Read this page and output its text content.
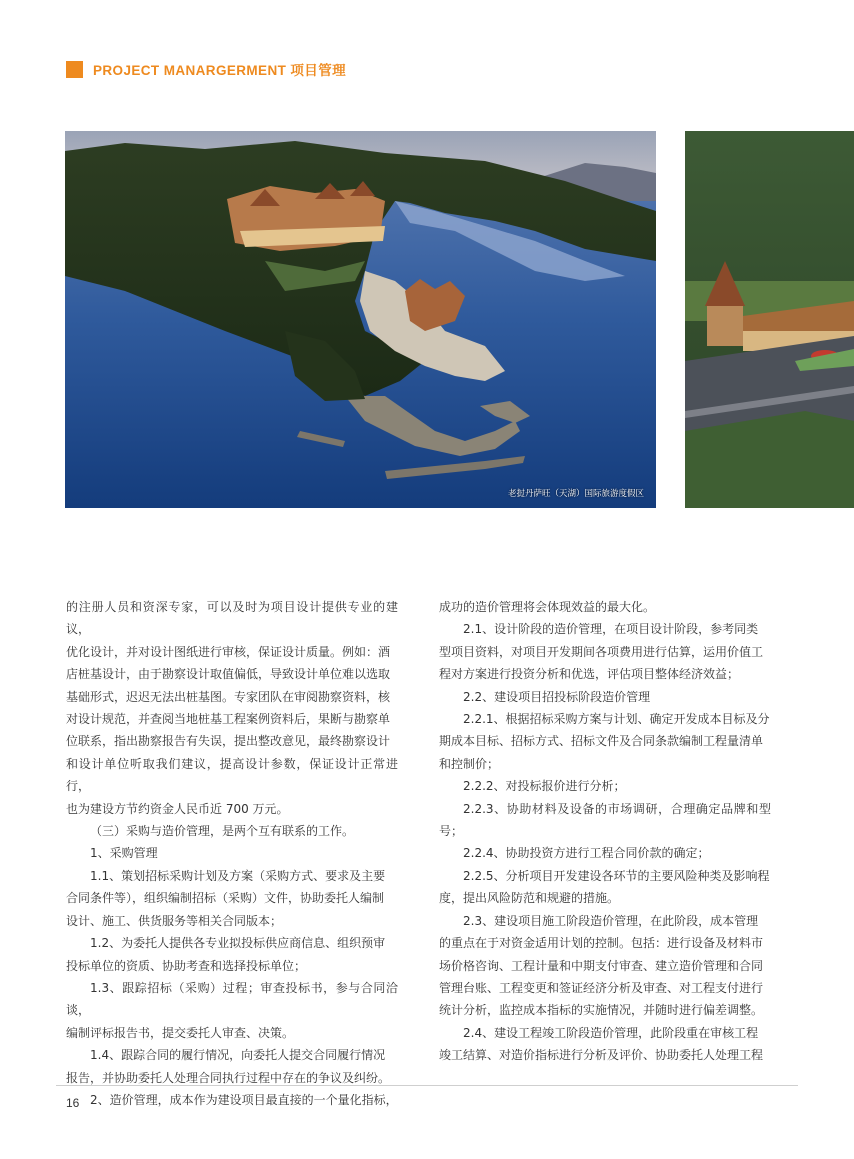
PROJECT MANARGERMENT 项目管理
老挝丹萨旺（天湖）国际旅游度假区

的注册人员和资深专家，可以及时为项目设计提供专业的建议，

优化设计，并对设计图纸进行审核，保证设计质量。例如：酒

店桩基设计，由于勘察设计取值偏低，导致设计单位难以选取

基础形式，迟迟无法出桩基图。专家团队在审阅勘察资料，核

对设计规范，并查阅当地桩基工程案例资料后，果断与勘察单

位联系，指出勘察报告有失误，提出整改意见，最终勘察设计

和设计单位听取我们建议，提高设计参数，保证设计正常进行，

也为建设方节约资金人民币近 700 万元。

（三）采购与造价管理，是两个互有联系的工作。

1、采购管理

1.1、策划招标采购计划及方案（采购方式、要求及主要

合同条件等），组织编制招标（采购）文件，协助委托人编制

设计、施工、供货服务等相关合同版本；

1.2、为委托人提供各专业拟投标供应商信息、组织预审

投标单位的资质、协助考查和选择投标单位；

1.3、跟踪招标（采购）过程；审查投标书，参与合同洽谈，

编制评标报告书，提交委托人审查、决策。

1.4、跟踪合同的履行情况，向委托人提交合同履行情况

报告，并协助委托人处理合同执行过程中存在的争议及纠纷。

2、造价管理，成本作为建设项目最直接的一个量化指标，

成功的造价管理将会体现效益的最大化。

2.1、设计阶段的造价管理，在项目设计阶段，参考同类

型项目资料，对项目开发期间各项费用进行估算，运用价值工

程对方案进行投资分析和优选，评估项目整体经济效益；

2.2、建设项目招投标阶段造价管理

2.2.1、根据招标采购方案与计划、确定开发成本目标及分

期成本目标、招标方式、招标文件及合同条款编制工程量清单

和控制价；

2.2.2、对投标报价进行分析；

2.2.3、协助材料及设备的市场调研，合理确定品牌和型号；

2.2.4、协助投资方进行工程合同价款的确定；

2.2.5、分析项目开发建设各环节的主要风险种类及影响程

度，提出风险防范和规避的措施。

2.3、建设项目施工阶段造价管理，在此阶段，成本管理

的重点在于对资金适用计划的控制。包括：进行设备及材料市

场价格咨询、工程计量和中期支付审查、建立造价管理和合同

管理台账、工程变更和签证经济分析及审查、对工程支付进行

统计分析，监控成本指标的实施情况，并随时进行偏差调整。

2.4、建设工程竣工阶段造价管理，此阶段重在审核工程

竣工结算、对造价指标进行分析及评价、协助委托人处理工程

16
